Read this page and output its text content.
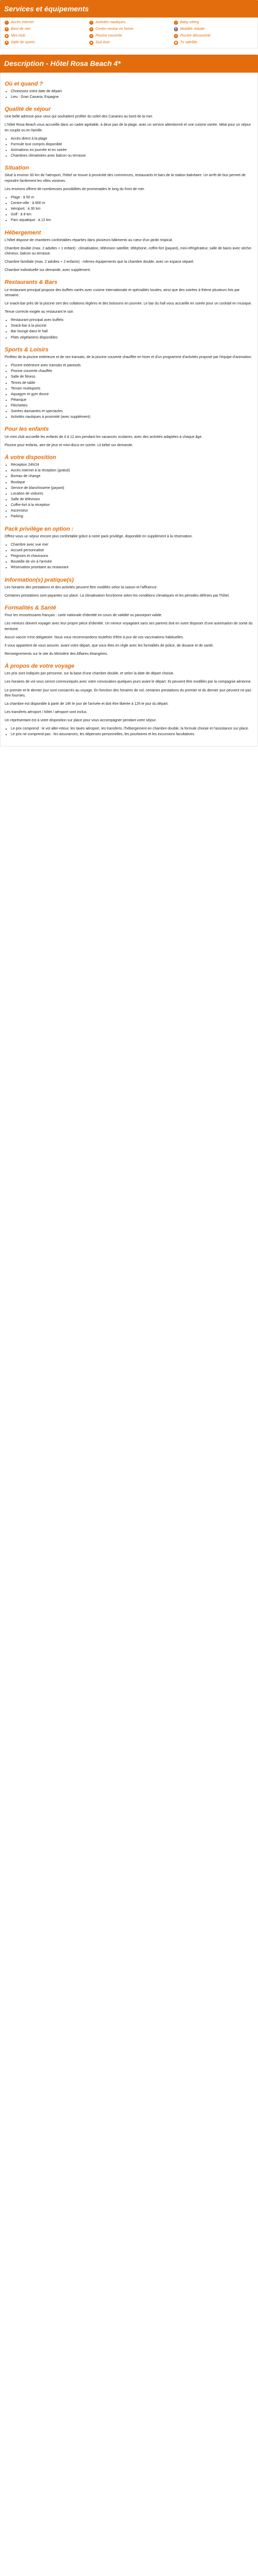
Services et équipements
⌁ Accès internet	≈ Activités nautiques	☺ Baby-sitting
☀ Bord de mer	♥ Centre remise en forme	♿ Mobilité réduite
☻ Mini club	≋ Piscine couverte	≋ Piscine découverte
⚑ Salle de sports	◉ Sud Asie	▣ Tv satellite
Description - Hôtel Rosa Beach 4*
Où et quand ?
• Choisissez votre date de départ.
• Lieu : Gran Canaria, Espagne.
Qualité de séjour

Une belle adresse pour ceux qui souhaitent profiter du soleil des Canaries au bord de la mer.

L'hôtel Rosa Beach vous accueille dans un cadre agréable, à deux pas de la plage, avec un service attentionné et une cuisine variée. Idéal pour un séjour en couple ou en famille.

• Accès direct à la plage
• Formule tout compris disponible
• Animations en journée et en soirée
• Chambres climatisées avec balcon ou terrasse
Situation

Situé à environ 30 km de l'aéroport, l'hôtel se trouve à proximité des commerces, restaurants et bars de la station balnéaire. Un arrêt de bus permet de rejoindre facilement les villes voisines.

Les environs offrent de nombreuses possibilités de promenades le long du front de mer.

• Plage : à 50 m
• Centre-ville : à 600 m
• Aéroport : à 30 km
• Golf : à 8 km
• Parc aquatique : à 12 km
Hébergement

L'hôtel dispose de chambres confortables réparties dans plusieurs bâtiments au cœur d'un jardin tropical.

Chambre double (max. 2 adultes + 1 enfant) : climatisation, télévision satellite, téléphone, coffre-fort (payant), mini-réfrigérateur, salle de bains avec sèche-cheveux, balcon ou terrasse.

Chambre familiale (max. 2 adultes + 2 enfants) : mêmes équipements que la chambre double, avec un espace séparé.

Chambre individuelle sur demande, avec supplément.

Restaurants & Bars

Le restaurant principal propose des buffets variés avec cuisine internationale et spécialités locales, ainsi que des soirées à thème plusieurs fois par semaine.

Le snack-bar près de la piscine sert des collations légères et des boissons en journée. Le bar du hall vous accueille en soirée pour un cocktail en musique.

Tenue correcte exigée au restaurant le soir.

• Restaurant principal avec buffets
• Snack-bar à la piscine
• Bar lounge dans le hall
• Plats végétariens disponibles
Sports & Loisirs

Profitez de la piscine extérieure et de ses transats, de la piscine couverte chauffée en hiver et d'un programme d'activités proposé par l'équipe d'animation.

• Piscine extérieure avec transats et parasols
• Piscine couverte chauffée
• Salle de fitness
• Tennis de table
• Terrain multisports
• Aquagym et gym douce
• Pétanque
• Fléchettes
• Soirées dansantes et spectacles
• Activités nautiques à proximité (avec supplément)
Pour les enfants

Un mini club accueille les enfants de 4 à 12 ans pendant les vacances scolaires, avec des activités adaptées à chaque âge.

Piscine pour enfants, aire de jeux et mini-disco en soirée. Lit bébé sur demande.

À votre disposition
• Réception 24h/24
• Accès internet à la réception (gratuit)
• Bureau de change
• Boutique
• Service de blanchisserie (payant)
• Location de voitures
• Salle de télévision
• Coffre-fort à la réception
• Ascenseur
• Parking
Pack privilège en option :

Offrez-vous un séjour encore plus confortable grâce à notre pack privilège, disponible en supplément à la réservation.

• Chambre avec vue mer
• Accueil personnalisé
• Peignoirs et chaussons
• Bouteille de vin à l'arrivée
• Réservation prioritaire au restaurant
Information(s) pratique(s)

Les horaires des prestations et des activités peuvent être modifiés selon la saison et l'affluence.

Certaines prestations sont payantes sur place. La climatisation fonctionne selon les conditions climatiques et les périodes définies par l'hôtel.

Formalités & Santé

Pour les ressortissants français : carte nationale d'identité en cours de validité ou passeport valide.

Les mineurs doivent voyager avec leur propre pièce d'identité. Un mineur voyageant sans ses parents doit en outre disposer d'une autorisation de sortie du territoire.

Aucun vaccin n'est obligatoire. Nous vous recommandons toutefois d'être à jour de vos vaccinations habituelles.

Il vous appartient de vous assurer, avant votre départ, que vous êtes en règle avec les formalités de police, de douane et de santé.

Renseignements sur le site du Ministère des Affaires étrangères.

À propos de votre voyage

Les prix sont indiqués par personne, sur la base d'une chambre double, et selon la date de départ choisie.

Les horaires de vol vous seront communiqués avec votre convocation quelques jours avant le départ. Ils peuvent être modifiés par la compagnie aérienne.

Le premier et le dernier jour sont consacrés au voyage. En fonction des horaires de vol, certaines prestations du premier et du dernier jour peuvent ne pas être fournies.

La chambre est disponible à partir de 14h le jour de l'arrivée et doit être libérée à 12h le jour du départ.

Les transferts aéroport / hôtel / aéroport sont inclus.

Un représentant est à votre disposition sur place pour vous accompagner pendant votre séjour.

• Le prix comprend : le vol aller-retour, les taxes aéroport, les transferts, l'hébergement en chambre double, la formule choisie et l'assistance sur place.
• Le prix ne comprend pas : les assurances, les dépenses personnelles, les pourboires et les excursions facultatives.
